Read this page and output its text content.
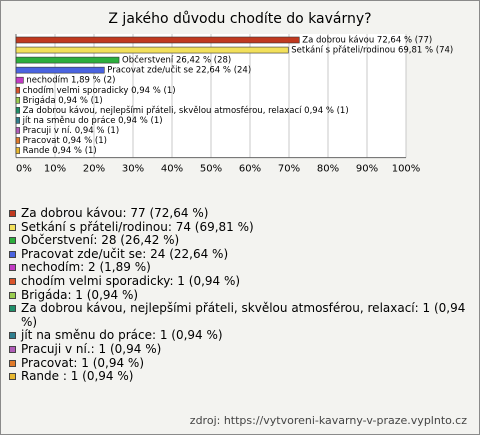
Z jakého důvodu chodíte do kavárny?
0% 10% 20% 30% 40% 50% 60% 70% 80% 90% 100%
Za dobrou kávou 72,64 % (77)
Setkání s přáteli/rodinou 69,81 % (74)
Občerstvení 26,42 % (28)
Pracovat zde/učit se 22,64 % (24)
nechodím 1,89 % (2)
chodím velmi sporadicky 0,94 % (1)
Brigáda 0,94 % (1)
Za dobrou kávou, nejlepšími přáteli, skvělou atmosférou, relaxací 0,94 % (1)
jít na směnu do práce 0,94 % (1)
Pracuji v ní. 0,94 % (1)
Pracovat 0,94 % (1)
Rande 0,94 % (1)
Za dobrou kávou: 77 (72,64 %)
Setkání s přáteli/rodinou: 74 (69,81 %)
Občerstvení: 28 (26,42 %)
Pracovat zde/učit se: 24 (22,64 %)
nechodím: 2 (1,89 %)
chodím velmi sporadicky: 1 (0,94 %)
Brigáda: 1 (0,94 %)
Za dobrou kávou, nejlepšími přáteli, skvělou atmosférou, relaxací: 1 (0,94 %)
jít na směnu do práce: 1 (0,94 %)
Pracuji v ní.: 1 (0,94 %)
Pracovat: 1 (0,94 %)
Rande : 1 (0,94 %)
zdroj: https://vytvoreni-kavarny-v-praze.vyplnto.cz
